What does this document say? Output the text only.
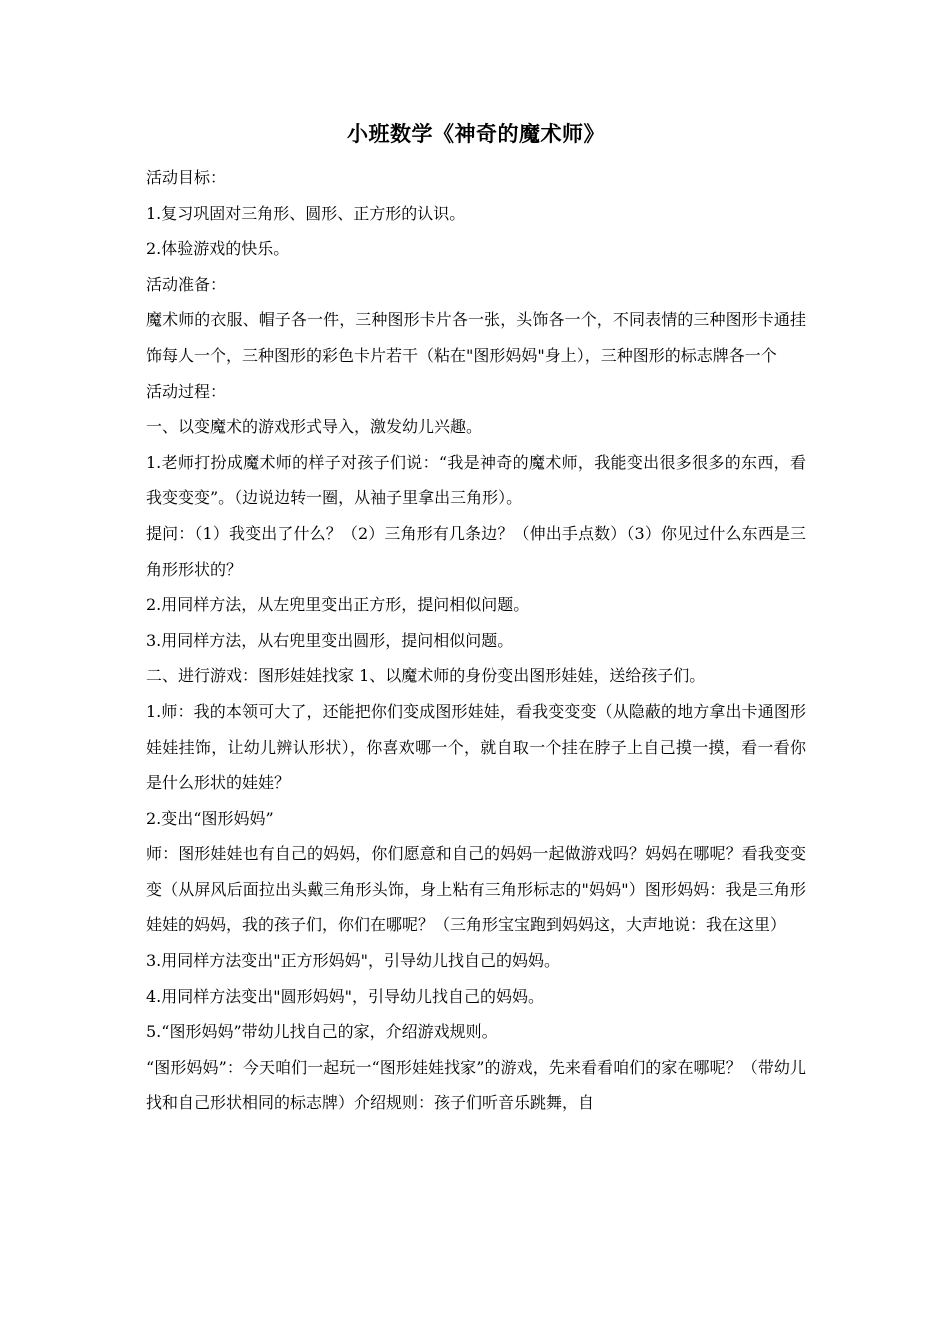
小班数学《神奇的魔术师》

活动目标：

1.复习巩固对三角形、圆形、正方形的认识。

2.体验游戏的快乐。

活动准备：

魔术师的衣服、帽子各一件，三种图形卡片各一张，头饰各一个，不同表情的三种图形卡通挂饰每人一个，三种图形的彩色卡片若干（粘在"图形妈妈"身上），三种图形的标志牌各一个

活动过程：

一、以变魔术的游戏形式导入，激发幼儿兴趣。

1.老师打扮成魔术师的样子对孩子们说：“我是神奇的魔术师，我能变出很多很多的东西，看我变变变”。（边说边转一圈，从袖子里拿出三角形）。

提问：（1）我变出了什么？（2）三角形有几条边？（伸出手点数）（3）你见过什么东西是三角形形状的？

2.用同样方法，从左兜里变出正方形，提问相似问题。

3.用同样方法，从右兜里变出圆形，提问相似问题。

二、进行游戏：图形娃娃找家 1、以魔术师的身份变出图形娃娃，送给孩子们。

1.师：我的本领可大了，还能把你们变成图形娃娃，看我变变变（从隐蔽的地方拿出卡通图形娃娃挂饰，让幼儿辨认形状），你喜欢哪一个，就自取一个挂在脖子上自己摸一摸，看一看你是什么形状的娃娃？

2.变出“图形妈妈”

师：图形娃娃也有自己的妈妈，你们愿意和自己的妈妈一起做游戏吗？妈妈在哪呢？看我变变变（从屏风后面拉出头戴三角形头饰，身上粘有三角形标志的"妈妈"）图形妈妈：我是三角形娃娃的妈妈，我的孩子们，你们在哪呢？（三角形宝宝跑到妈妈这，大声地说：我在这里）

3.用同样方法变出"正方形妈妈"，引导幼儿找自己的妈妈。

4.用同样方法变出"圆形妈妈"，引导幼儿找自己的妈妈。

5.“图形妈妈”带幼儿找自己的家，介绍游戏规则。

“图形妈妈”：今天咱们一起玩一“图形娃娃找家”的游戏，先来看看咱们的家在哪呢？（带幼儿找和自己形状相同的标志牌）介绍规则：孩子们听音乐跳舞，自
